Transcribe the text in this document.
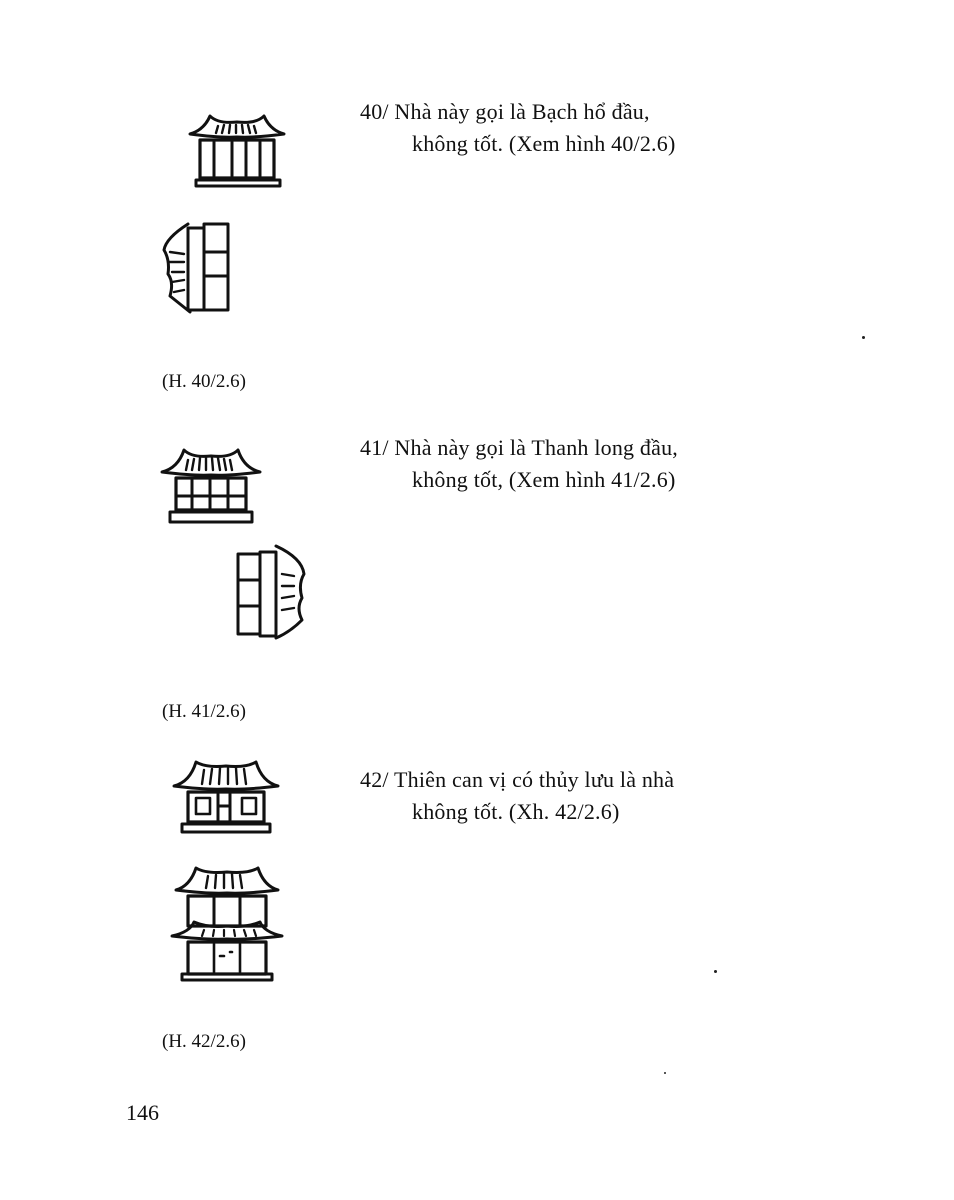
40/ Nhà này gọi là Bạch hổ đầu,
không tốt. (Xem hình 40/2.6)
(H. 40/2.6)
41/ Nhà này gọi là Thanh long đầu,
không tốt, (Xem hình 41/2.6)
(H. 41/2.6)
42/ Thiên can vị có thủy lưu là nhà
không tốt. (Xh. 42/2.6)
(H. 42/2.6)
146
